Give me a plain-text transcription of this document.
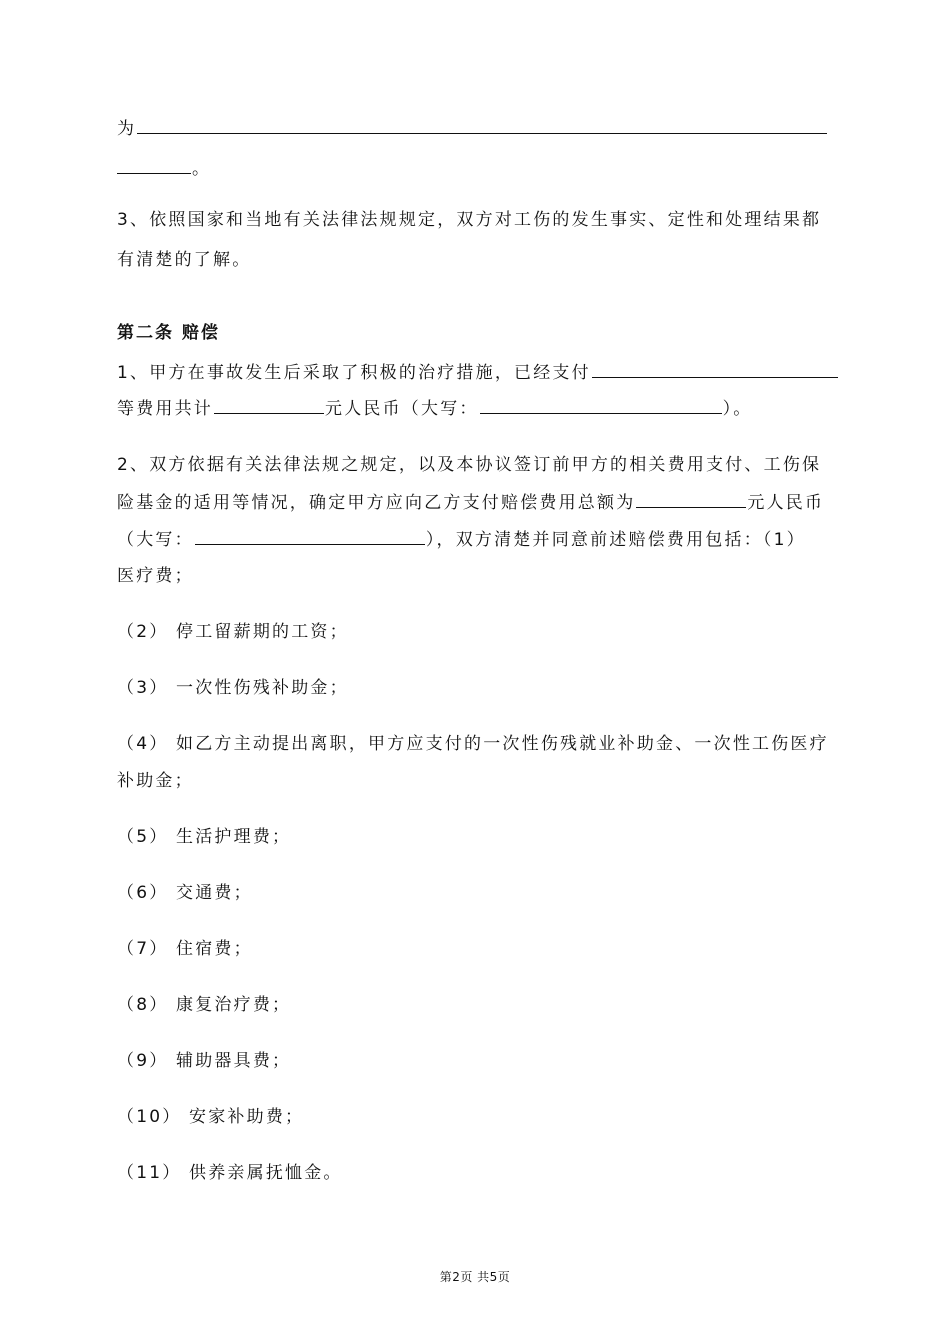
为
。
3、依照国家和当地有关法律法规规定，双方对工伤的发生事实、定性和处理结果都
有清楚的了解。
第二条 赔偿
1、甲方在事故发生后采取了积极的治疗措施，已经支付
等费用共计	元人民币（大写：	）。
2、双方依据有关法律法规之规定，以及本协议签订前甲方的相关费用支付、工伤保
险基金的适用等情况，确定甲方应向乙方支付赔偿费用总额为	元人民币
（大写：	），双方清楚并同意前述赔偿费用包括：（1）
医疗费；
（2） 停工留薪期的工资；
（3） 一次性伤残补助金；
（4） 如乙方主动提出离职，甲方应支付的一次性伤残就业补助金、一次性工伤医疗
补助金；
（5） 生活护理费；
（6） 交通费；
（7） 住宿费；
（8） 康复治疗费；
（9） 辅助器具费；
（10） 安家补助费；
（11） 供养亲属抚恤金。
第2页 共5页
